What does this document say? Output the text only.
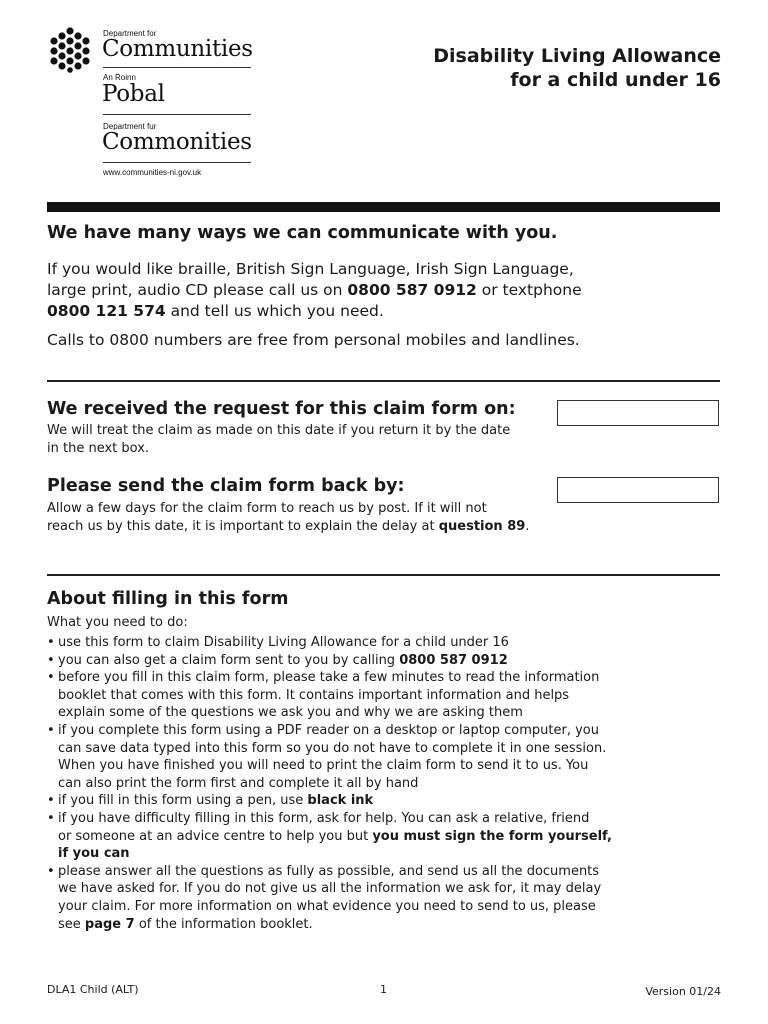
Department for
Communities
An Roinn
Pobal
Department fur
Commonities
www.communities-ni.gov.uk
Disability Living Allowance
for a child under 16
We have many ways we can communicate with you.
If you would like braille, British Sign Language, Irish Sign Language,
large print, audio CD please call us on 0800 587 0912 or textphone
0800 121 574 and tell us which you need.
Calls to 0800 numbers are free from personal mobiles and landlines.
We received the request for this claim form on:
We will treat the claim as made on this date if you return it by the date
in the next box.
Please send the claim form back by:
Allow a few days for the claim form to reach us by post. If it will not
reach us by this date, it is important to explain the delay at question 89.
About filling in this form
What you need to do:
• use this form to claim Disability Living Allowance for a child under 16
• you can also get a claim form sent to you by calling 0800 587 0912
• before you fill in this claim form, please take a few minutes to read the information
booklet that comes with this form. It contains important information and helps
explain some of the questions we ask you and why we are asking them
• if you complete this form using a PDF reader on a desktop or laptop computer, you
can save data typed into this form so you do not have to complete it in one session.
When you have finished you will need to print the claim form to send it to us. You
can also print the form first and complete it all by hand
• if you fill in this form using a pen, use black ink
• if you have difficulty filling in this form, ask for help. You can ask a relative, friend
or someone at an advice centre to help you but you must sign the form yourself,
if you can
• please answer all the questions as fully as possible, and send us all the documents
we have asked for. If you do not give us all the information we ask for, it may delay
your claim. For more information on what evidence you need to send to us, please
see page 7 of the information booklet.
DLA1 Child (ALT)	1	Version 01/24
